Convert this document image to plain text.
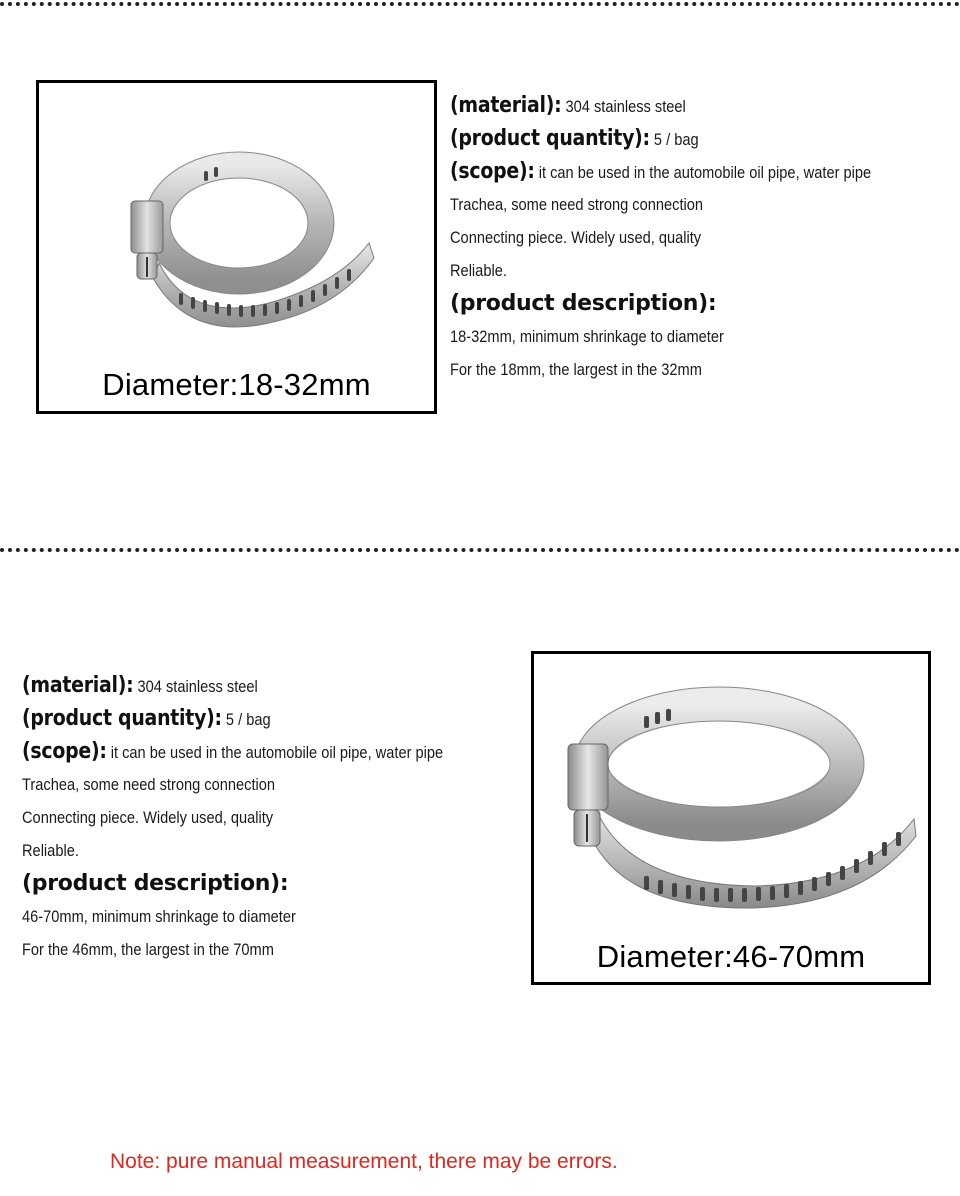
Diameter:18-32mm
(material): 304 stainless steel
(product quantity): 5 / bag
(scope): it can be used in the automobile oil pipe, water pipe
Trachea, some need strong connection
Connecting piece. Widely used, quality
Reliable.
(product description):
18-32mm, minimum shrinkage to diameter
For the 18mm, the largest in the 32mm
(material): 304 stainless steel
(product quantity): 5 / bag
(scope): it can be used in the automobile oil pipe, water pipe
Trachea, some need strong connection
Connecting piece. Widely used, quality
Reliable.
(product description):
46-70mm, minimum shrinkage to diameter
For the 46mm, the largest in the 70mm	Diameter:46-70mm
Note: pure manual measurement, there may be errors.
